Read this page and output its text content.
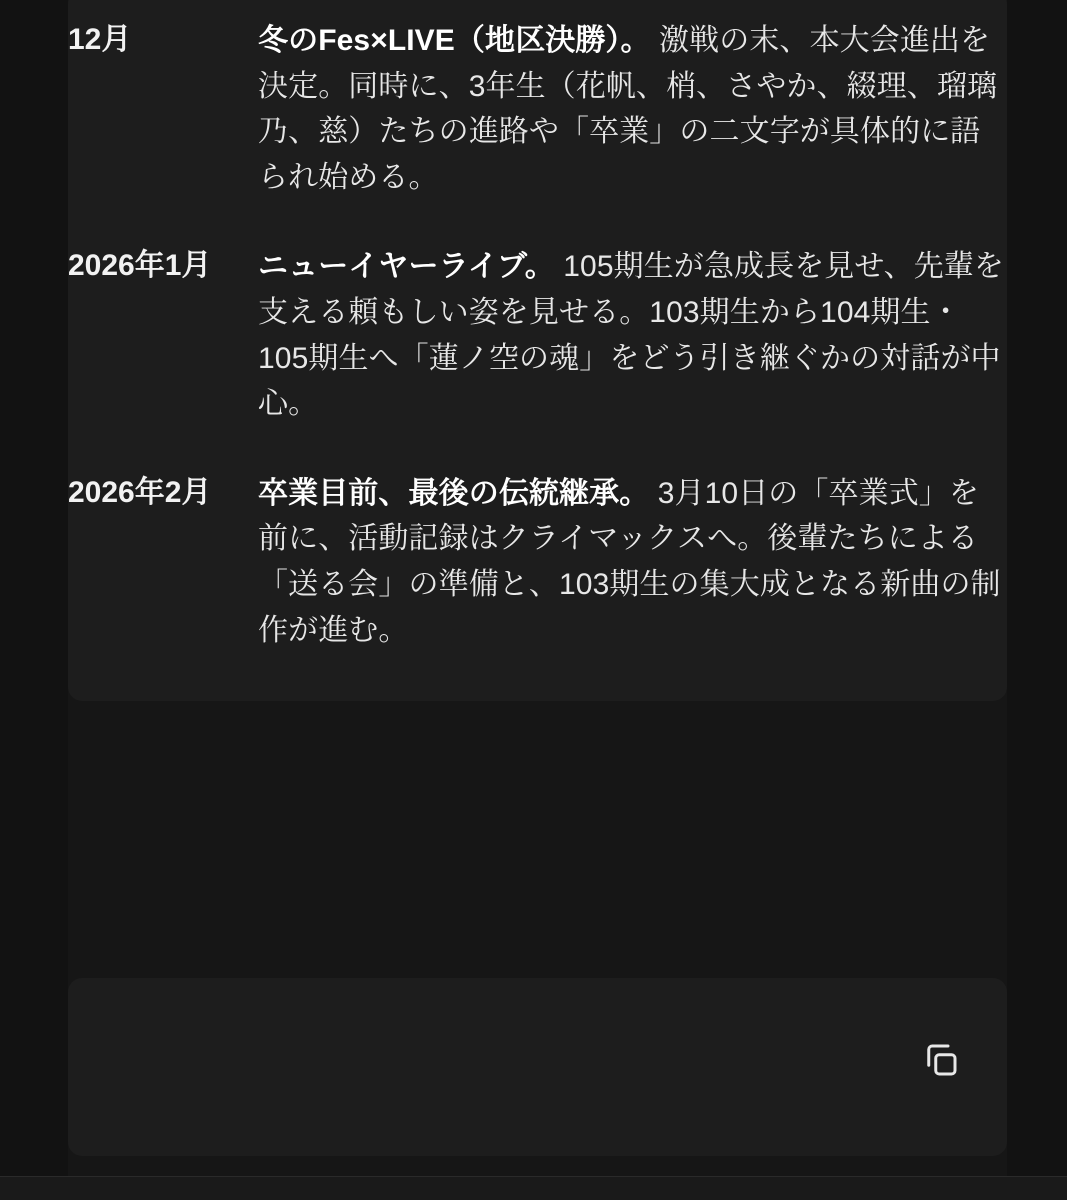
12月	冬のFes×LIVE（地区決勝）。 激戦の末、本大会進出を決定。同時に、3年生（花帆、梢、さやか、綴理、瑠璃乃、慈）たちの進路や「卒業」の二文字が具体的に語られ始める。
2026年1月	ニューイヤーライブ。 105期生が急成長を見せ、先輩を支える頼もしい姿を見せる。103期生から104期生・105期生へ「蓮ノ空の魂」をどう引き継ぐかの対話が中心。
2026年2月	卒業目前、最後の伝統継承。 3月10日の「卒業式」を前に、活動記録はクライマックスへ。後輩たちによる「送る会」の準備と、103期生の集大成となる新曲の制作が進む。
